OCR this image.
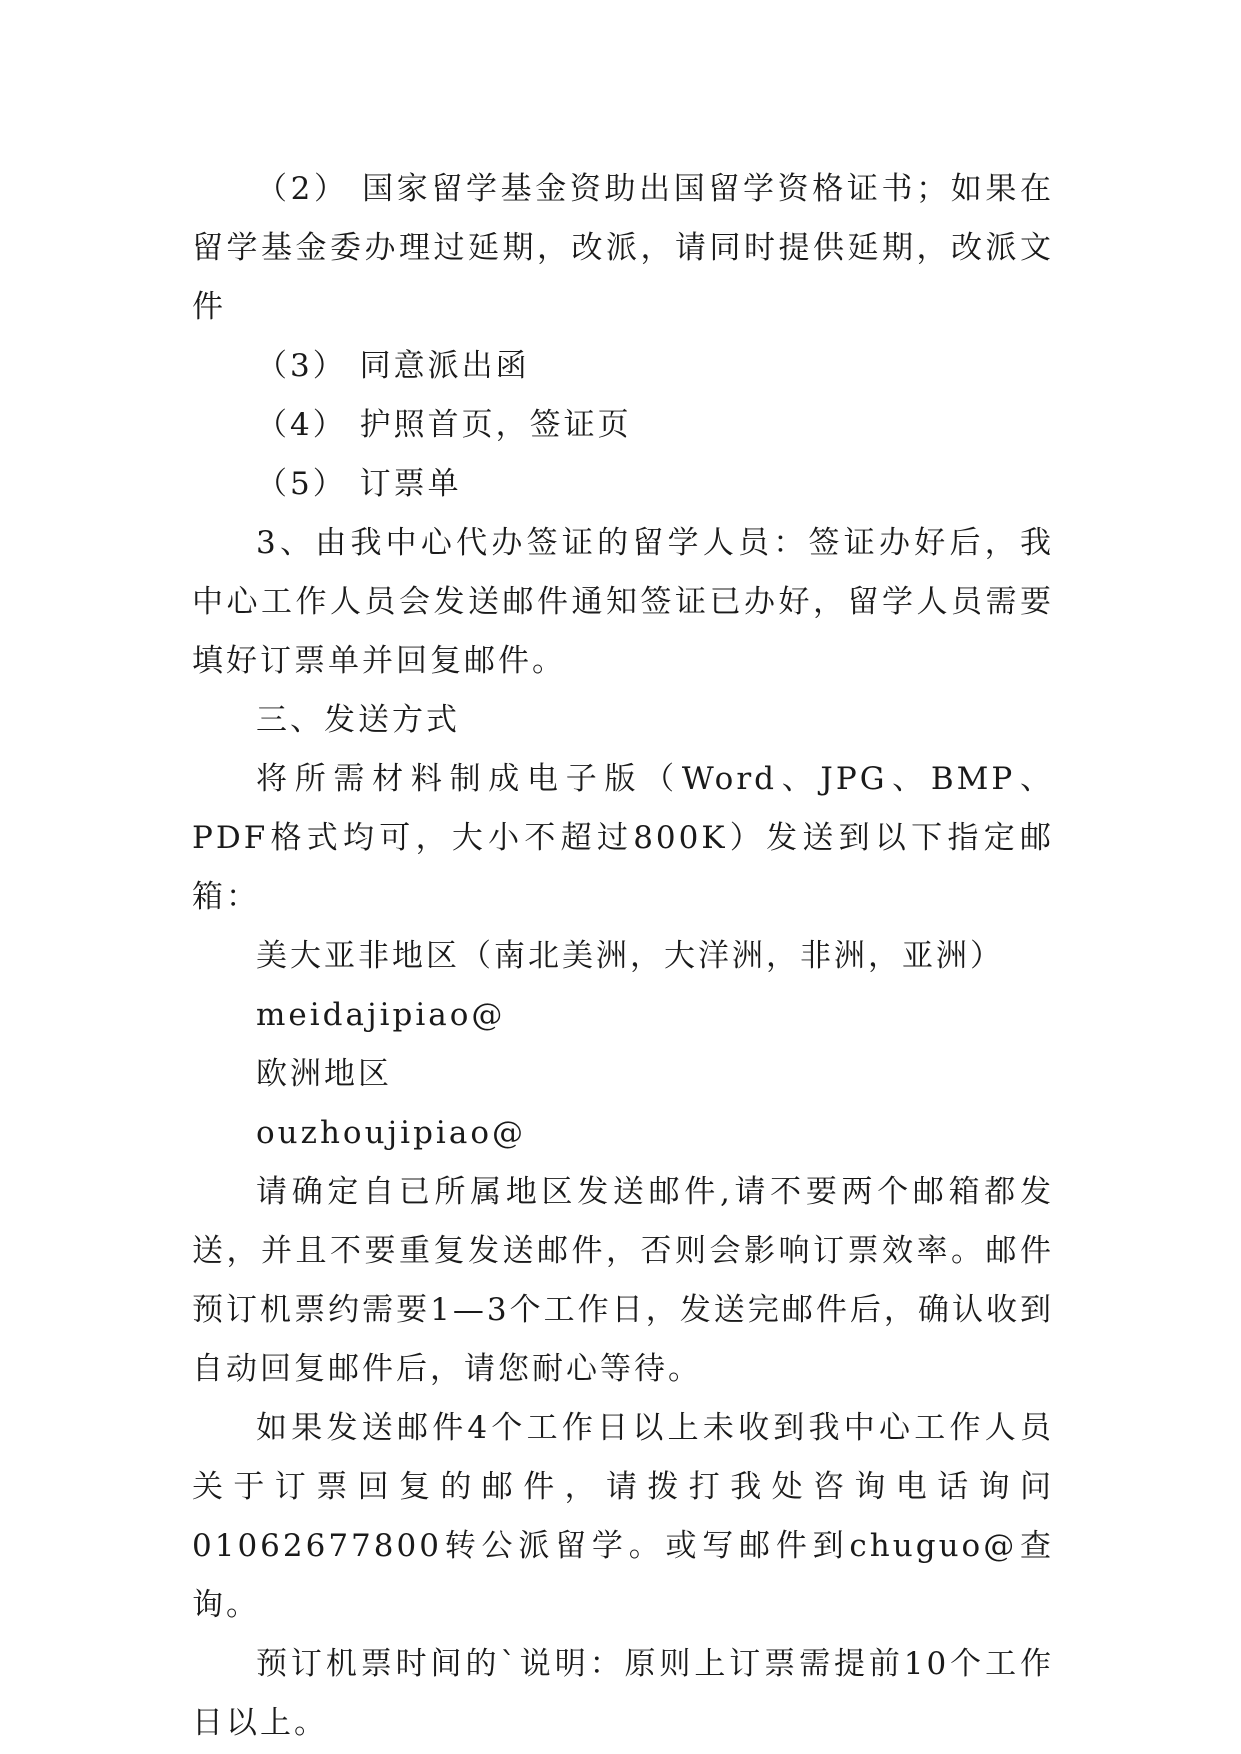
（2） 国家留学基金资助出国留学资格证书；如果在留学基金委办理过延期，改派，请同时提供延期，改派文件

（3） 同意派出函

（4） 护照首页，签证页

（5） 订票单

3、由我中心代办签证的留学人员：签证办好后，我中心工作人员会发送邮件通知签证已办好，留学人员需要填好订票单并回复邮件。

三、发送方式

将所需材料制成电子版（Word、JPG、BMP、PDF格式均可，大小不超过800K）发送到以下指定邮箱：

美大亚非地区（南北美洲，大洋洲，非洲，亚洲）

meidajipiao@

欧洲地区

ouzhoujipiao@

请确定自已所属地区发送邮件,请不要两个邮箱都发送，并且不要重复发送邮件，否则会影响订票效率。邮件预订机票约需要1—3个工作日，发送完邮件后，确认收到自动回复邮件后，请您耐心等待。

如果发送邮件4个工作日以上未收到我中心工作人员关于订票回复的邮件，请拨打我处咨询电话询问01062677800转公派留学。或写邮件到chuguo@查询。

预订机票时间的`说明：原则上订票需提前10个工作日以上。
